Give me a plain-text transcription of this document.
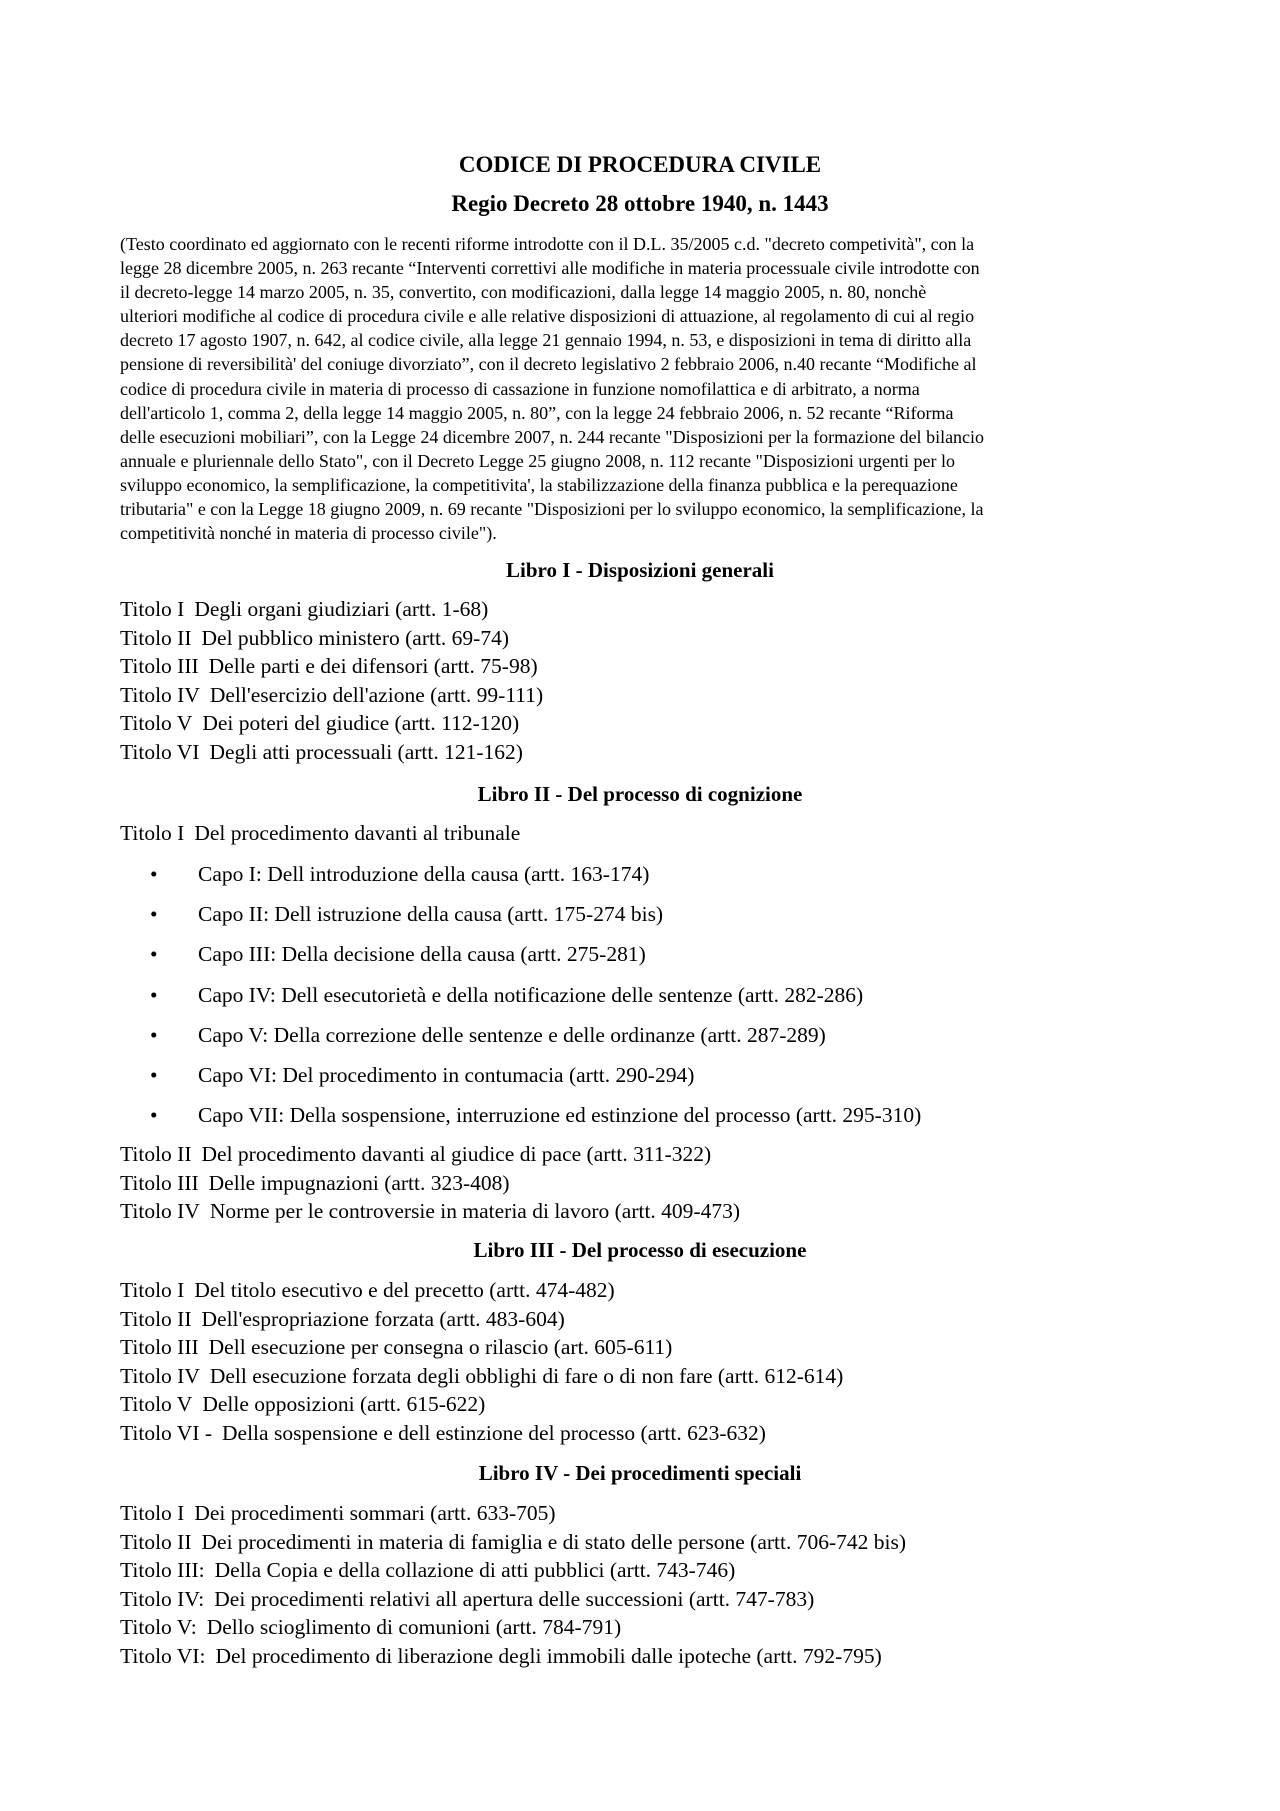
CODICE DI PROCEDURA CIVILE
Regio Decreto 28 ottobre 1940, n. 1443
(Testo coordinato ed aggiornato con le recenti riforme introdotte con il D.L. 35/2005 c.d. "decreto competività", con la
legge 28 dicembre 2005, n. 263 recante “Interventi correttivi alle modifiche in materia processuale civile introdotte con
il decreto-legge 14 marzo 2005, n. 35, convertito, con modificazioni, dalla legge 14 maggio 2005, n. 80, nonchè
ulteriori modifiche al codice di procedura civile e alle relative disposizioni di attuazione, al regolamento di cui al regio
decreto 17 agosto 1907, n. 642, al codice civile, alla legge 21 gennaio 1994, n. 53, e disposizioni in tema di diritto alla
pensione di reversibilità' del coniuge divorziato”, con il decreto legislativo 2 febbraio 2006, n.40 recante “Modifiche al
codice di procedura civile in materia di processo di cassazione in funzione nomofilattica e di arbitrato, a norma
dell'articolo 1, comma 2, della legge 14 maggio 2005, n. 80”, con la legge 24 febbraio 2006, n. 52 recante “Riforma
delle esecuzioni mobiliari”, con la Legge 24 dicembre 2007, n. 244 recante "Disposizioni per la formazione del bilancio
annuale e pluriennale dello Stato", con il Decreto Legge 25 giugno 2008, n. 112 recante "Disposizioni urgenti per lo
sviluppo economico, la semplificazione, la competitivita', la stabilizzazione della finanza pubblica e la perequazione
tributaria" e con la Legge 18 giugno 2009, n. 69 recante "Disposizioni per lo sviluppo economico, la semplificazione, la
competitività nonché in materia di processo civile").
Libro I - Disposizioni generali
Titolo I Degli organi giudiziari (artt. 1-68)
Titolo II Del pubblico ministero (artt. 69-74)
Titolo III Delle parti e dei difensori (artt. 75-98)
Titolo IV Dell'esercizio dell'azione (artt. 99-111)
Titolo V Dei poteri del giudice (artt. 112-120)
Titolo VI Degli atti processuali (artt. 121-162)
Libro II - Del processo di cognizione
Titolo I Del procedimento davanti al tribunale
• Capo I: Dell introduzione della causa (artt. 163-174)
• Capo II: Dell istruzione della causa (artt. 175-274 bis)
• Capo III: Della decisione della causa (artt. 275-281)
• Capo IV: Dell esecutorietà e della notificazione delle sentenze (artt. 282-286)
• Capo V: Della correzione delle sentenze e delle ordinanze (artt. 287-289)
• Capo VI: Del procedimento in contumacia (artt. 290-294)
• Capo VII: Della sospensione, interruzione ed estinzione del processo (artt. 295-310)
Titolo II Del procedimento davanti al giudice di pace (artt. 311-322)
Titolo III Delle impugnazioni (artt. 323-408)
Titolo IV Norme per le controversie in materia di lavoro (artt. 409-473)
Libro III - Del processo di esecuzione
Titolo I Del titolo esecutivo e del precetto (artt. 474-482)
Titolo II Dell'espropriazione forzata (artt. 483-604)
Titolo III Dell esecuzione per consegna o rilascio (art. 605-611)
Titolo IV Dell esecuzione forzata degli obblighi di fare o di non fare (artt. 612-614)
Titolo V Delle opposizioni (artt. 615-622)
Titolo VI - Della sospensione e dell estinzione del processo (artt. 623-632)
Libro IV - Dei procedimenti speciali
Titolo I Dei procedimenti sommari (artt. 633-705)
Titolo II Dei procedimenti in materia di famiglia e di stato delle persone (artt. 706-742 bis)
Titolo III: Della Copia e della collazione di atti pubblici (artt. 743-746)
Titolo IV: Dei procedimenti relativi all apertura delle successioni (artt. 747-783)
Titolo V: Dello scioglimento di comunioni (artt. 784-791)
Titolo VI: Del procedimento di liberazione degli immobili dalle ipoteche (artt. 792-795)
